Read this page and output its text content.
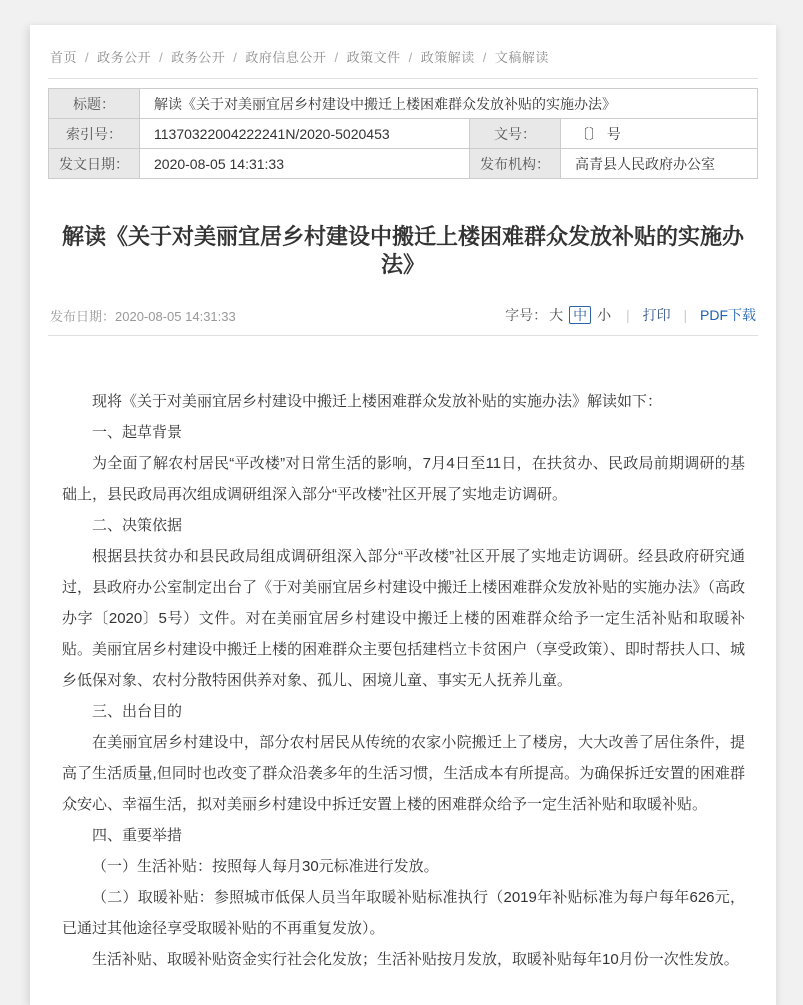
首页 / 政务公开 / 政务公开 / 政府信息公开 / 政策文件 / 政策解读 / 文稿解读
标题：	解读《关于对美丽宜居乡村建设中搬迁上楼困难群众发放补贴的实施办法》		
索引号：	11370322004222241N/2020-5020453	文号：	〔〕 号
发文日期：	2020-08-05 14:31:33	发布机构：	高青县人民政府办公室
解读《关于对美丽宜居乡村建设中搬迁上楼困难群众发放补贴的实施办法》
发布日期：2020-08-05 14:31:33	字号： 大 中 小 | 打印 | PDF下载

现将《关于对美丽宜居乡村建设中搬迁上楼困难群众发放补贴的实施办法》解读如下：

一、起草背景

为全面了解农村居民“平改楼”对日常生活的影响，7月4日至11日，在扶贫办、民政局前期调研的基础上，县民政局再次组成调研组深入部分“平改楼”社区开展了实地走访调研。

二、决策依据

根据县扶贫办和县民政局组成调研组深入部分“平改楼”社区开展了实地走访调研。经县政府研究通过，县政府办公室制定出台了《于对美丽宜居乡村建设中搬迁上楼困难群众发放补贴的实施办法》（高政办字〔2020〕5号）文件。对在美丽宜居乡村建设中搬迁上楼的困难群众给予一定生活补贴和取暖补贴。美丽宜居乡村建设中搬迁上楼的困难群众主要包括建档立卡贫困户（享受政策）、即时帮扶人口、城乡低保对象、农村分散特困供养对象、孤儿、困境儿童、事实无人抚养儿童。

三、出台目的

在美丽宜居乡村建设中，部分农村居民从传统的农家小院搬迁上了楼房，大大改善了居住条件，提高了生活质量,但同时也改变了群众沿袭多年的生活习惯，生活成本有所提高。为确保拆迁安置的困难群众安心、幸福生活，拟对美丽乡村建设中拆迁安置上楼的困难群众给予一定生活补贴和取暖补贴。

四、重要举措

（一）生活补贴：按照每人每月30元标准进行发放。

（二）取暖补贴：参照城市低保人员当年取暖补贴标准执行（2019年补贴标准为每户每年626元，已通过其他途径享受取暖补贴的不再重复发放）。

生活补贴、取暖补贴资金实行社会化发放；生活补贴按月发放，取暖补贴每年10月份一次性发放。
